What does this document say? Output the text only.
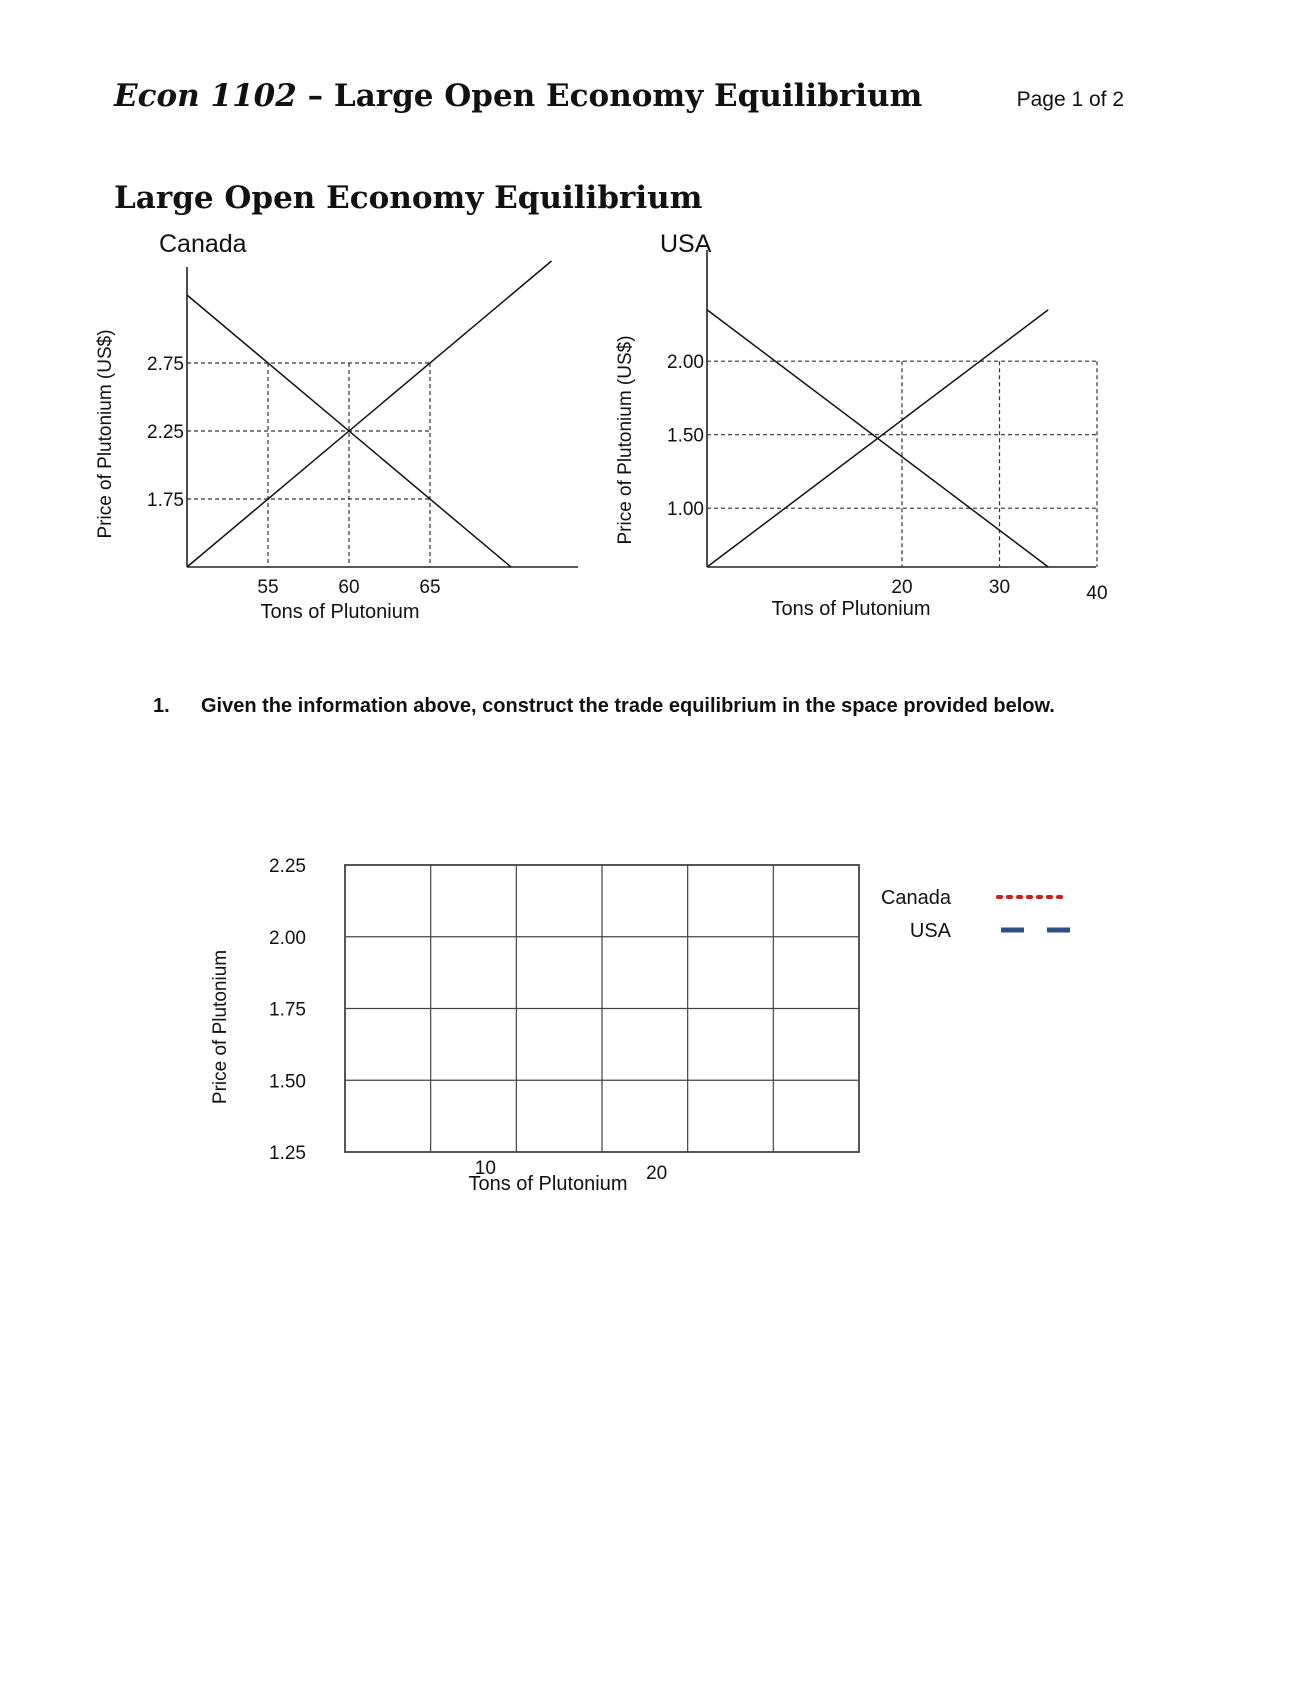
Econ 1102 – Large Open Economy Equilibrium	Page 1 of 2
Large Open Economy Equilibrium
Canada
Price of Plutonium (US$)
Tons of Plutonium
2.75
2.25
1.75
55	60	65
USA
Price of Plutonium (US$)
Tons of Plutonium
2.00
1.50
1.00
20	30	40
1. Given the information above, construct the trade equilibrium in the space provided below.
Price of Plutonium
Tons of Plutonium
2.25
2.00
1.75
1.50
1.25
10	20
Canada
USA
